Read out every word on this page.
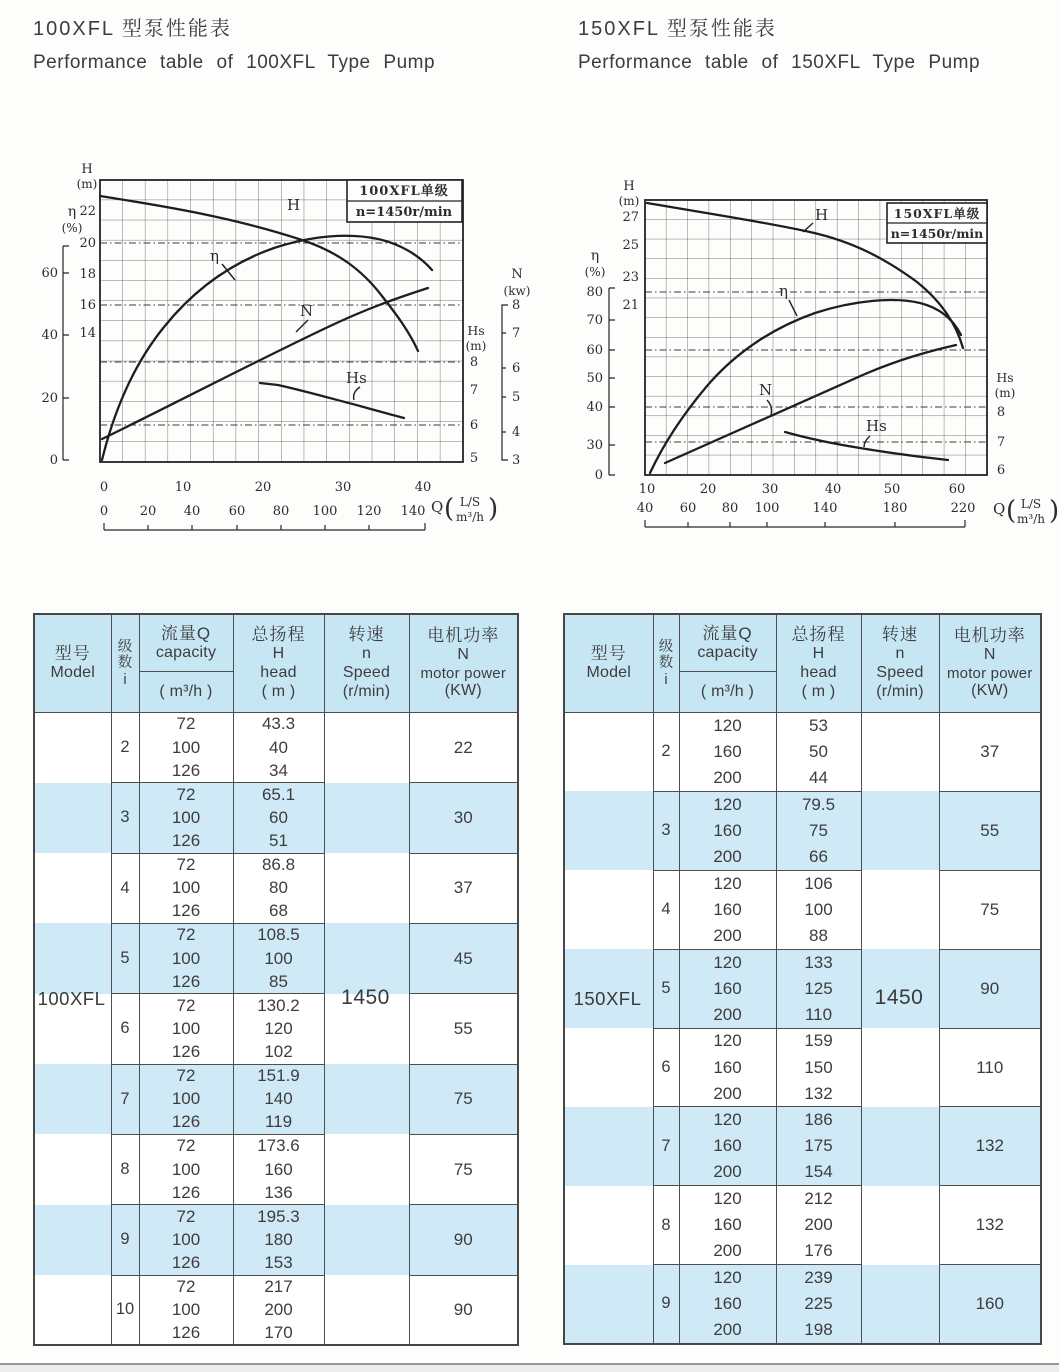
100XFL 型泵性能表
Performance table of 100XFL Type Pump
150XFL 型泵性能表
Performance table of 150XFL Type Pump
H
η
N
Hs
100XFL单级
n=1450r/min
H
(m)
22
20
18
16
14
η
(%)
60
40
20
0
0	10	20	30	40
0 20 40 60 80 100 120 140 Q ( L/S
m³/h )
Hs
(m)
8
7
6
5
N
(kw)
8
7
6
5
4
3
H
η
N
Hs
150XFL单级
n=1450r/min
H
(m)
27
25
23
21
η
(%)
80
70
60
50
40
30
0
10	20	30	40	50	60
40 60 80 100	140	180	220 Q ( L/S
m³/h )
Hs
(m)
8
7
6
型号
Model

级
数
i

流量Q
capacity
( m³/h )

总扬程
H
head
( m )

转速
n
Speed
(r/min)

电机功率
N
motor power
(KW)

	2	72	43.3		22
		100	40		
		126	34		
	3	72	65.1		30
		100	60		
		126	51		
	4	72	86.8		37
		100	80		
		126	68		
	5	72	108.5		45
		100	100		
		126	85		
	6	72	130.2		55
		100	120		
		126	102		
	7	72	151.9		75
		100	140		
		126	119		
	8	72	173.6		75
		100	160		
		126	136		
	9	72	195.3		90
		100	180		
		126	153		
	10	72	217		90
		100	200		
		126	170		
100XFL	1450
型号
Model

级
数
i

流量Q
capacity
( m³/h )

总扬程
H
head
( m )

转速
n
Speed
(r/min)

电机功率
N
motor power
(KW)

	2	120	53		37
		160	50		
		200	44		
	3	120	79.5		55
		160	75		
		200	66		
	4	120	106		75
		160	100		
		200	88		
	5	120	133		90
		160	125		
		200	110		
	6	120	159		110
		160	150		
		200	132		
	7	120	186		132
		160	175		
		200	154		
	8	120	212		132
		160	200		
		200	176		
	9	120	239		160
		160	225		
		200	198		
150XFL	1450
